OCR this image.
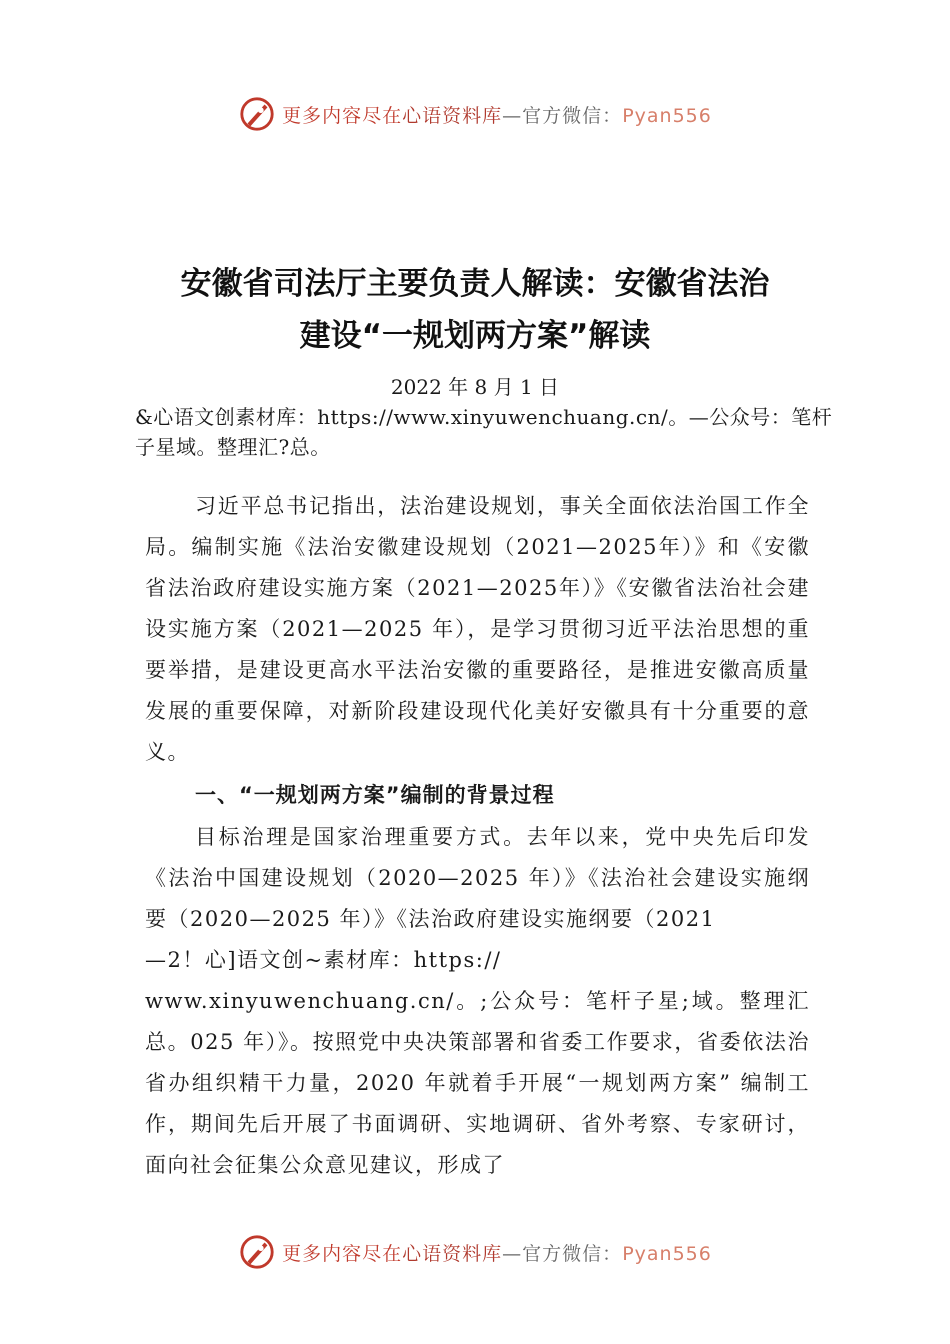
更多内容尽在心语资料库—官方微信：Pyan556
安徽省司法厅主要负责人解读：安徽省法治
建设“一规划两方案”解读
2022 年 8 月 1 日
&心语文创素材库：https://www.xinyuwenchuang.cn/。—公众号：笔杆子星域。整理汇?总。

习近平总书记指出，法治建设规划，事关全面依法治国工作全局。编制实施《法治安徽建设规划（2021—2025年）》和《安徽省法治政府建设实施方案（2021—2025年）》《安徽省法治社会建设实施方案（2021—2025 年），是学习贯彻习近平法治思想的重要举措，是建设更高水平法治安徽的重要路径，是推进安徽高质量发展的重要保障，对新阶段建设现代化美好安徽具有十分重要的意义。

一、“一规划两方案”编制的背景过程

目标治理是国家治理重要方式。去年以来，党中央先后印发《法治中国建设规划（2020—2025 年）》《法治社会建设实施纲要（2020—2025 年）》《法治政府建设实施纲要（2021

—2！心]语文创~素材库：https://

www.xinyuwenchuang.cn/。;公众号：笔杆子星;域。整理汇总。025 年）》。按照党中央决策部署和省委工作要求，省委依法治省办组织精干力量，2020 年就着手开展“一规划两方案” 编制工作，期间先后开展了书面调研、实地调研、省外考察、专家研讨，面向社会征集公众意见建议，形成了

更多内容尽在心语资料库—官方微信：Pyan556
